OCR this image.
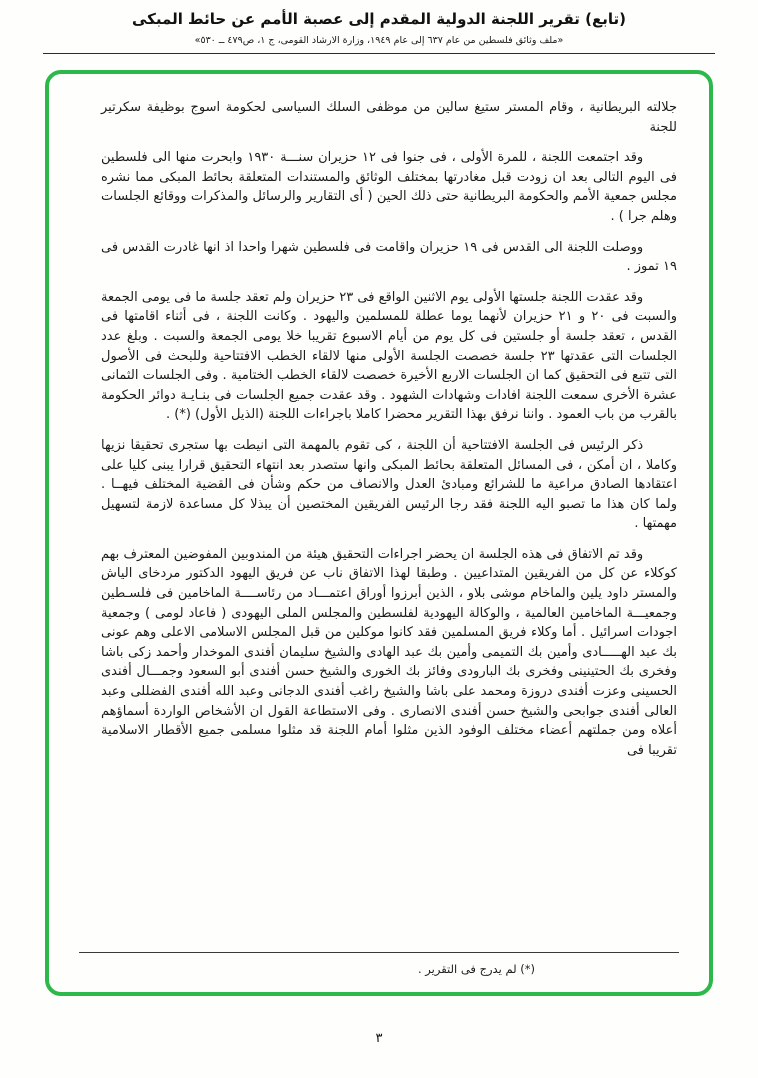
(تابع) تقرير اللجنة الدولية المقدم إلى عصبة الأمم عن حائط المبكى
«ملف وثائق فلسطين من عام ٦٣٧ إلى عام ١٩٤٩، وزارة الارشاد القومى، ج ١، ص٤٧٩ ــ ٥٣٠»

جلالته البريطانية ، وقام المستر ستيغ سالين من موظفى السلك السياسى لحكومة اسوج بوظيفة سكرتير للجنة

وقد اجتمعت اللجنة ، للمرة الأولى ، فى جنوا فى ١٢ حزيران سنـــة ١٩٣٠ وابحرت منها الى فلسطين فى اليوم التالى بعد ان زودت قبل مغادرتها بمختلف الوثائق والمستندات المتعلقة بحائط المبكى مما نشره مجلس جمعية الأمم والحكومة البريطانية حتى ذلك الحين ( أى التقارير والرسائل والمذكرات ووقائع الجلسات وهلم جرا ) .

ووصلت اللجنة الى القدس فى ١٩ حزيران واقامت فى فلسطين شهرا واحدا اذ انها غادرت القدس فى ١٩ تموز .

وقد عقدت اللجنة جلستها الأولى يوم الاثنين الواقع فى ٢٣ حزيران ولم تعقد جلسة ما فى يومى الجمعة والسبت فى ٢٠ و ٢١ حزيران لأنهما يوما عطلة للمسلمين واليهود . وكانت اللجنة ، فى أثناء اقامتها فى القدس ، تعقد جلسة أو جلستين فى كل يوم من أيام الاسبوع تقريبا خلا يومى الجمعة والسبت . وبلغ عدد الجلسات التى عقدتها ٢٣ جلسة خصصت الجلسة الأولى منها لالقاء الخطب الافتتاحية وللبحث فى الأصول التى تتبع فى التحقيق كما ان الجلسات الاربع الأخيرة خصصت لالقاء الخطب الختامية . وفى الجلسات الثمانى عشرة الأخرى سمعت اللجنة افادات وشهادات الشهود . وقد عقدت جميع الجلسات فى بنـايـة دوائر الحكومة بالقرب من باب العمود . واننا نرفق بهذا التقرير محضرا كاملا باجراءات اللجنة (الذيل الأول) (*) .

ذكر الرئيس فى الجلسة الافتتاحية أن اللجنة ، كى تقوم بالمهمة التى انيطت بها ستجرى تحقيقا نزيها وكاملا ، ان أمكن ، فى المسائل المتعلقة بحائط المبكى وانها ستصدر بعد انتهاء التحقيق قرارا يبنى كليا على اعتقادها الصادق مراعية ما للشرائع ومبادئ العدل والانصاف من حكم وشأن فى القضية المختلف فيهــا . ولما كان هذا ما تصبو اليه اللجنة فقد رجا الرئيس الفريقين المختصين أن يبذلا كل مساعدة لازمة لتسهيل مهمتها .

وقد تم الاتفاق فى هذه الجلسة ان يحضر اجراءات التحقيق هيئة من المندوبين المفوضين المعترف بهم كوكلاء عن كل من الفريقين المتداعيين . وطبقا لهذا الاتفاق ناب عن فريق اليهود الدكتور مردخاى الياش والمستر داود يلين والماخام موشى بلاو ، الذين أبرزوا أوراق اعتمـــاد من رئاســــة الماخامين فى فلسـطين وجمعيـــة الماخامين العالمية ، والوكالة اليهودية لفلسطين والمجلس الملى اليهودى ( فاعاد لومى ) وجمعية اجودات اسرائيل . أما وكلاء فريق المسلمين فقد كانوا موكلين من قبل المجلس الاسلامى الاعلى وهم عونى بك عبد الهـــــادى وأمين بك التميمى وأمين بك عبد الهادى والشيخ سليمان أفندى الموخدار وأحمد زكى باشا وفخرى بك الحتينينى وفخرى بك البارودى وفائز بك الخورى والشيخ حسن أفندى أبو السعود وجمـــال أفندى الحسينى وعزت أفندى دروزة ومحمد على باشا والشيخ راغب أفندى الدجانى وعبد الله أفندى الفضللى وعبد العالى أفندى جوابحى والشيخ حسن أفندى الانصارى . وفى الاستطاعة القول ان الأشخاص الواردة أسماؤهم أعلاه ومن جملتهم أعضاء مختلف الوفود الذين مثلوا أمام اللجنة قد مثلوا مسلمى جميع الأقطار الاسلامية تقريبا فى

(*) لم يدرج فى التقرير .
٣
